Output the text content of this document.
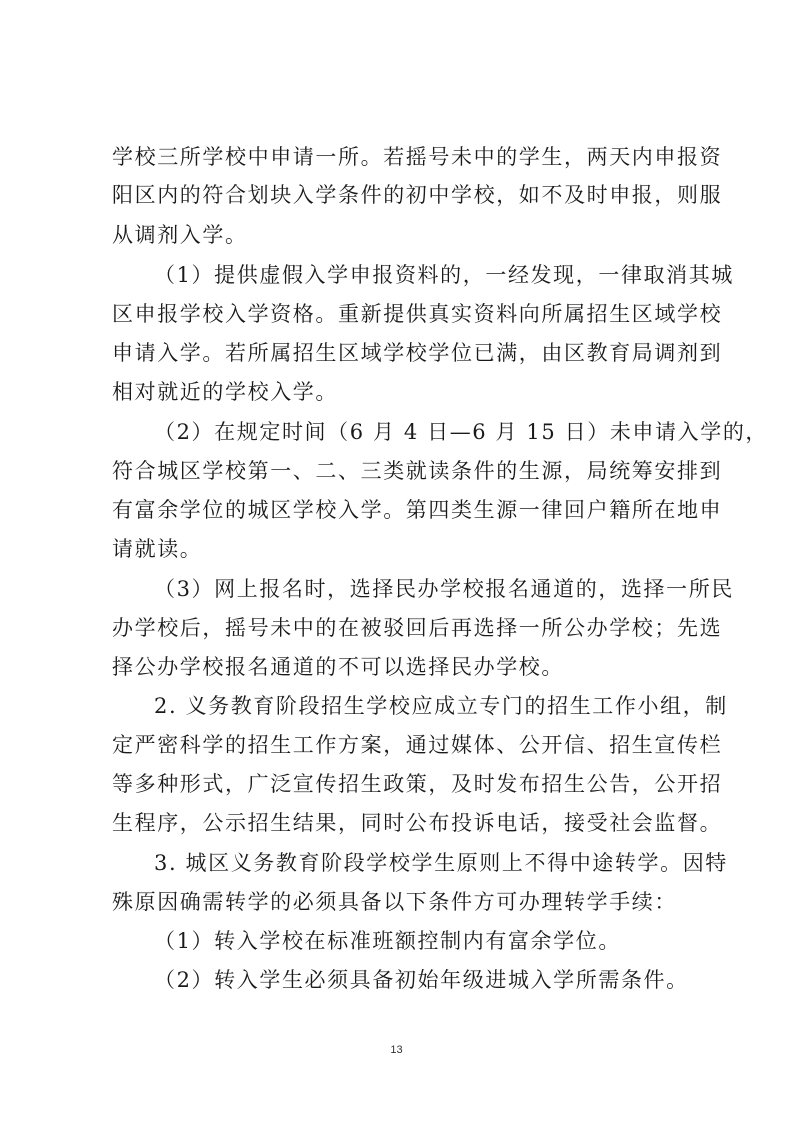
学校三所学校中申请一所。若摇号未中的学生，两天内申报资
阳区内的符合划块入学条件的初中学校，如不及时申报，则服
从调剂入学。
（1）提供虚假入学申报资料的，一经发现，一律取消其城
区申报学校入学资格。重新提供真实资料向所属招生区域学校
申请入学。若所属招生区域学校学位已满，由区教育局调剂到
相对就近的学校入学。
（2）在规定时间（6 月 4 日—6 月 15 日）未申请入学的，
符合城区学校第一、二、三类就读条件的生源，局统筹安排到
有富余学位的城区学校入学。第四类生源一律回户籍所在地申
请就读。
（3）网上报名时，选择民办学校报名通道的，选择一所民
办学校后，摇号未中的在被驳回后再选择一所公办学校；先选
择公办学校报名通道的不可以选择民办学校。
2. 义务教育阶段招生学校应成立专门的招生工作小组，制
定严密科学的招生工作方案，通过媒体、公开信、招生宣传栏
等多种形式，广泛宣传招生政策，及时发布招生公告，公开招
生程序，公示招生结果，同时公布投诉电话，接受社会监督。
3. 城区义务教育阶段学校学生原则上不得中途转学。因特
殊原因确需转学的必须具备以下条件方可办理转学手续：
（1）转入学校在标准班额控制内有富余学位。
（2）转入学生必须具备初始年级进城入学所需条件。
13
